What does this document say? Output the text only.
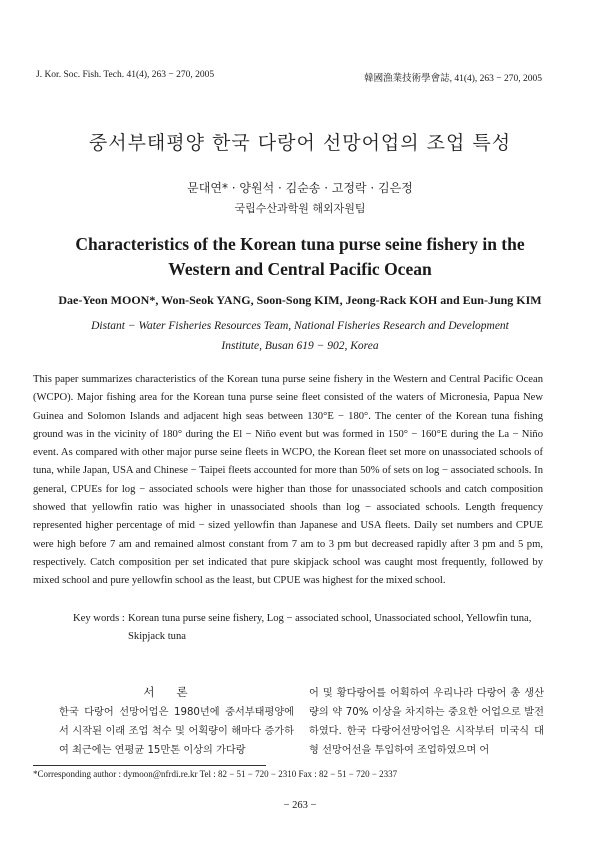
J. Kor. Soc. Fish. Tech. 41(4), 263 − 270, 2005	韓國漁業技術學會誌, 41(4), 263 − 270, 2005
중서부태평양 한국 다랑어 선망어업의 조업 특성
문대연* · 양원석 · 김순송 · 고정락 · 김은정
국립수산과학원 해외자원팀
Characteristics of the Korean tuna purse seine fishery in the
Western and Central Pacific Ocean
Dae-Yeon MOON*, Won-Seok YANG, Soon-Song KIM, Jeong-Rack KOH and Eun-Jung KIM
Distant − Water Fisheries Resources Team, National Fisheries Research and Development
Institute, Busan 619 − 902, Korea
This paper summarizes characteristics of the Korean tuna purse seine fishery in the Western and Central Pacific Ocean (WCPO). Major fishing area for the Korean tuna purse seine fleet consisted of the waters of Micronesia, Papua New Guinea and Solomon Islands and adjacent high seas between 130°E − 180°. The center of the Korean tuna fishing ground was in the vicinity of 180° during the El − Niño event but was formed in 150° − 160°E during the La − Niño event. As compared with other major purse seine fleets in WCPO, the Korean fleet set more on unassociated schools of tuna, while Japan, USA and Chinese − Taipei fleets accounted for more than 50% of sets on log − associated schools. In general, CPUEs for log − associated schools were higher than those for unassociated schools and catch composition showed that yellowfin ratio was higher in unassociated shools than log − associated schools. Length frequency represented higher percentage of mid − sized yellowfin than Japanese and USA fleets. Daily set numbers and CPUE were high before 7 am and remained almost constant from 7 am to 3 pm but decreased rapidly after 3 pm and 5 pm, respectively. Catch composition per set indicated that pure skipjack school was caught most frequently, followed by mixed school and pure yellowfin school as the least, but CPUE was highest for the mixed school.
Key words : Korean tuna purse seine fishery, Log − associated school, Unassociated school, Yellowfin tuna, Skipjack tuna
서론
한국 다랑어 선망어업은 1980년에 중서부태평양에서 시작된 이래 조업 척수 및 어획량이 해마다 증가하여 최근에는 연평균 15만톤 이상의 가다랑
어 및 황다랑어를 어획하여 우리나라 다랑어 총 생산량의 약 70% 이상을 차지하는 중요한 어업으로 발전하였다. 한국 다랑어선망어업은 시작부터 미국식 대형 선망어선을 투입하여 조업하였으며 어
*Corresponding author : dymoon@nfrdi.re.kr Tel : 82 − 51 − 720 − 2310 Fax : 82 − 51 − 720 − 2337
− 263 −
